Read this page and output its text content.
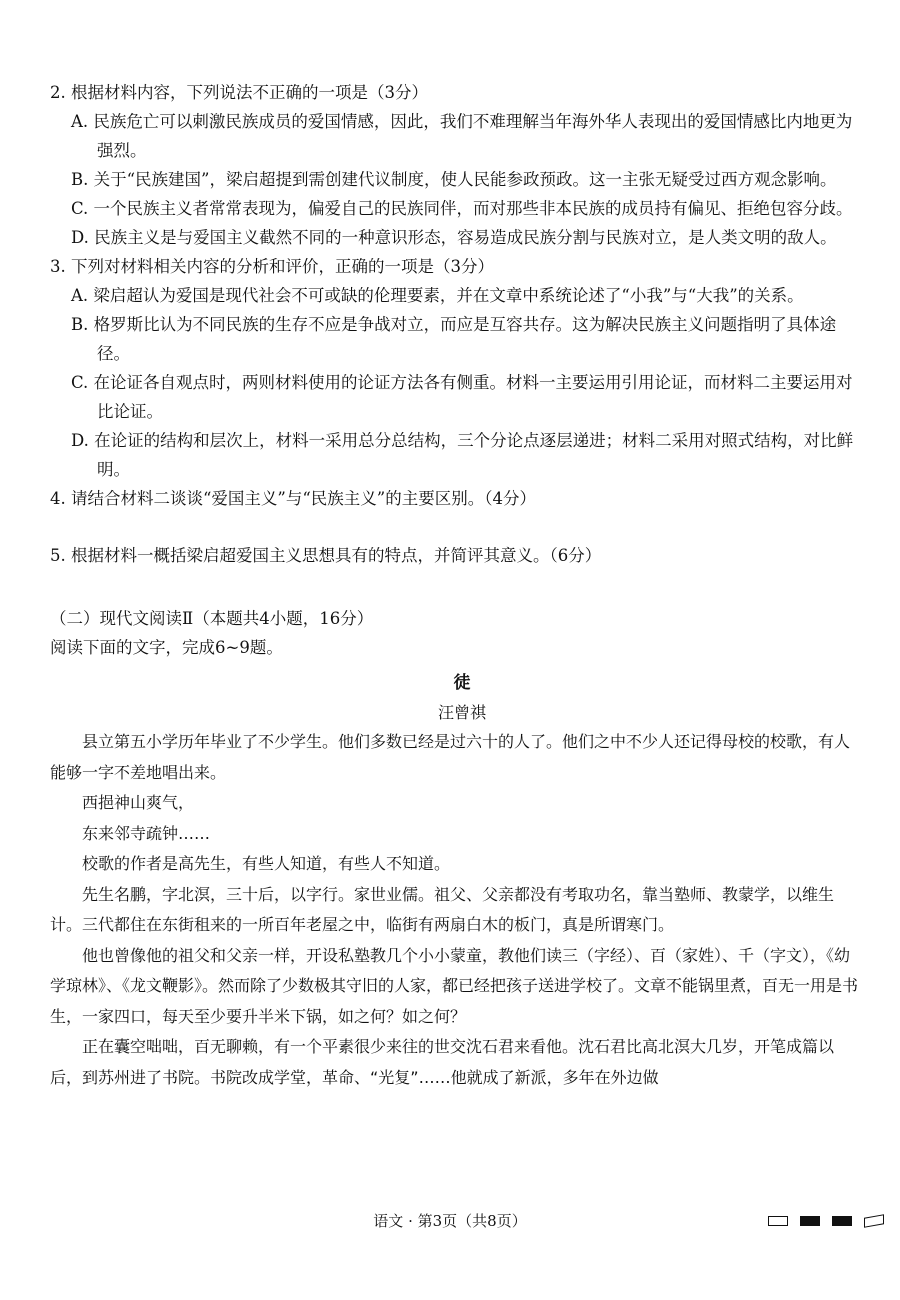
2. 根据材料内容，下列说法不正确的一项是（3分）
A. 民族危亡可以刺激民族成员的爱国情感，因此，我们不难理解当年海外华人表现出的爱国情感比内地更为强烈。
B. 关于“民族建国”，梁启超提到需创建代议制度，使人民能参政预政。这一主张无疑受过西方观念影响。
C. 一个民族主义者常常表现为，偏爱自己的民族同伴，而对那些非本民族的成员持有偏见、拒绝包容分歧。
D. 民族主义是与爱国主义截然不同的一种意识形态，容易造成民族分割与民族对立，是人类文明的敌人。
3. 下列对材料相关内容的分析和评价，正确的一项是（3分）
A. 梁启超认为爱国是现代社会不可或缺的伦理要素，并在文章中系统论述了“小我”与“大我”的关系。
B. 格罗斯比认为不同民族的生存不应是争战对立，而应是互容共存。这为解决民族主义问题指明了具体途径。
C. 在论证各自观点时，两则材料使用的论证方法各有侧重。材料一主要运用引用论证，而材料二主要运用对比论证。
D. 在论证的结构和层次上，材料一采用总分总结构，三个分论点逐层递进；材料二采用对照式结构，对比鲜明。
4. 请结合材料二谈谈“爱国主义”与“民族主义”的主要区别。（4分）
5. 根据材料一概括梁启超爱国主义思想具有的特点，并简评其意义。（6分）
（二）现代文阅读Ⅱ（本题共4小题，16分）
阅读下面的文字，完成6~9题。
徒
汪曾祺

县立第五小学历年毕业了不少学生。他们多数已经是过六十的人了。他们之中不少人还记得母校的校歌，有人能够一字不差地唱出来。

西挹神山爽气，

东来邻寺疏钟……

校歌的作者是高先生，有些人知道，有些人不知道。

先生名鹏，字北溟，三十后，以字行。家世业儒。祖父、父亲都没有考取功名，靠当塾师、教蒙学，以维生计。三代都住在东街租来的一所百年老屋之中，临街有两扇白木的板门，真是所谓寒门。

他也曾像他的祖父和父亲一样，开设私塾教几个小小蒙童，教他们读三（字经）、百（家姓）、千（字文），《幼学琼林》、《龙文鞭影》。然而除了少数极其守旧的人家，都已经把孩子送进学校了。文章不能锅里煮，百无一用是书生，一家四口，每天至少要升半米下锅，如之何？如之何？

正在囊空咄咄，百无聊赖，有一个平素很少来往的世交沈石君来看他。沈石君比高北溟大几岁，开笔成篇以后，到苏州进了书院。书院改成学堂，革命、“光复”……他就成了新派，多年在外边做

语文 · 第3页（共8页）
